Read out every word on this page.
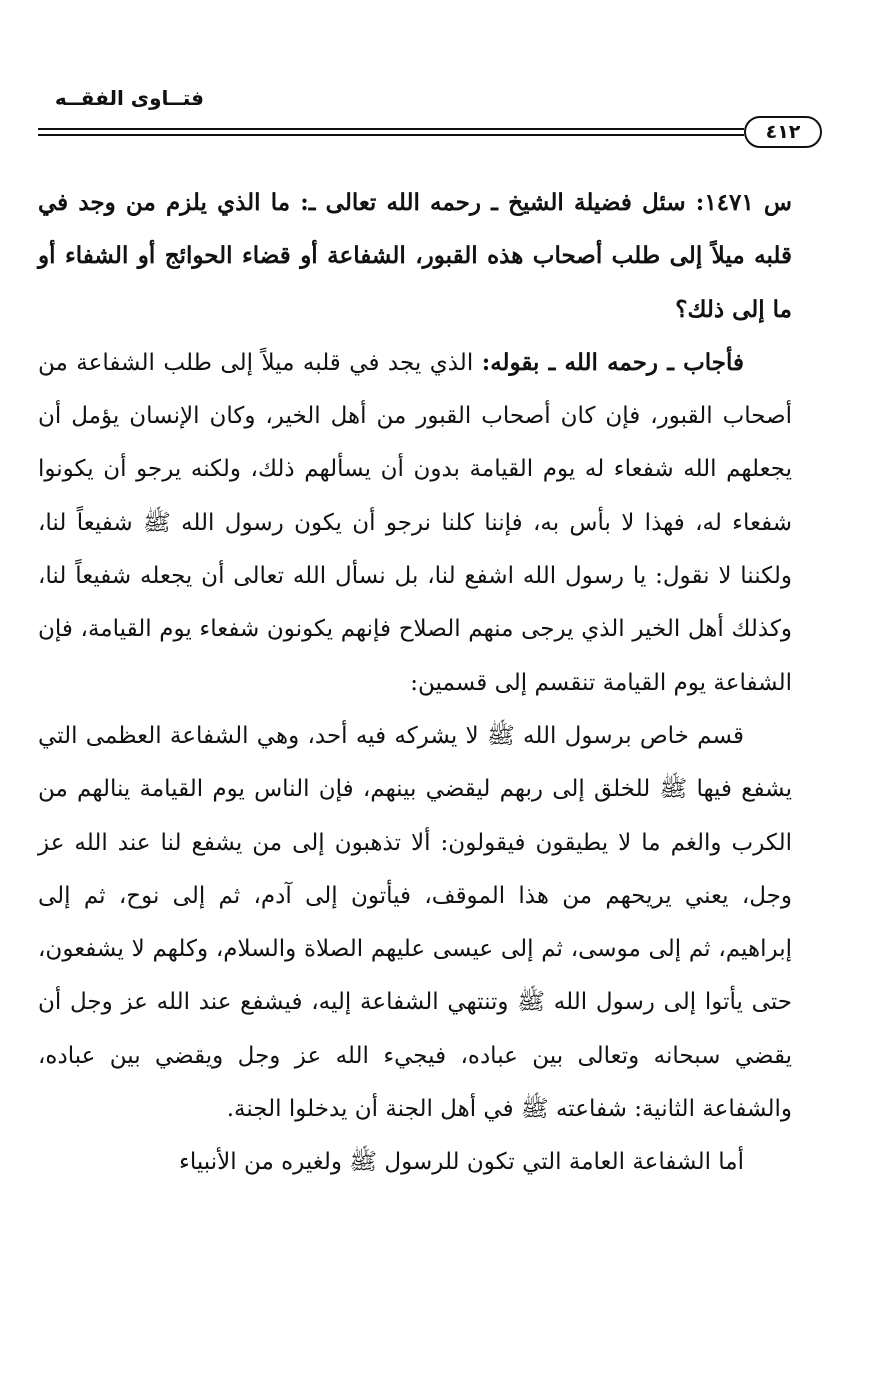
فتــاوى الفقــه
٤١٢

س ١٤٧١: سئل فضيلة الشيخ ـ رحمه الله تعالى ـ: ما الذي يلزم من وجد في قلبه ميلاً إلى طلب أصحاب هذه القبور، الشفاعة أو قضاء الحوائج أو الشفاء أو ما إلى ذلك؟

فأجاب ـ رحمه الله ـ بقوله: الذي يجد في قلبه ميلاً إلى طلب الشفاعة من أصحاب القبور، فإن كان أصحاب القبور من أهل الخير، وكان الإنسان يؤمل أن يجعلهم الله شفعاء له يوم القيامة بدون أن يسألهم ذلك، ولكنه يرجو أن يكونوا شفعاء له، فهذا لا بأس به، فإننا كلنا نرجو أن يكون رسول الله ﷺ شفيعاً لنا، ولكننا لا نقول: يا رسول الله اشفع لنا، بل نسأل الله تعالى أن يجعله شفيعاً لنا، وكذلك أهل الخير الذي يرجى منهم الصلاح فإنهم يكونون شفعاء يوم القيامة، فإن الشفاعة يوم القيامة تنقسم إلى قسمين:

قسم خاص برسول الله ﷺ لا يشركه فيه أحد، وهي الشفاعة العظمى التي يشفع فيها ﷺ للخلق إلى ربهم ليقضي بينهم، فإن الناس يوم القيامة ينالهم من الكرب والغم ما لا يطيقون فيقولون: ألا تذهبون إلى من يشفع لنا عند الله عز وجل، يعني يريحهم من هذا الموقف، فيأتون إلى آدم، ثم إلى نوح، ثم إلى إبراهيم، ثم إلى موسى، ثم إلى عيسى عليهم الصلاة والسلام، وكلهم لا يشفعون، حتى يأتوا إلى رسول الله ﷺ وتنتهي الشفاعة إليه، فيشفع عند الله عز وجل أن يقضي سبحانه وتعالى بين عباده، فيجيء الله عز وجل ويقضي بين عباده، والشفاعة الثانية: شفاعته ﷺ في أهل الجنة أن يدخلوا الجنة.

أما الشفاعة العامة التي تكون للرسول ﷺ ولغيره من الأنبياء
